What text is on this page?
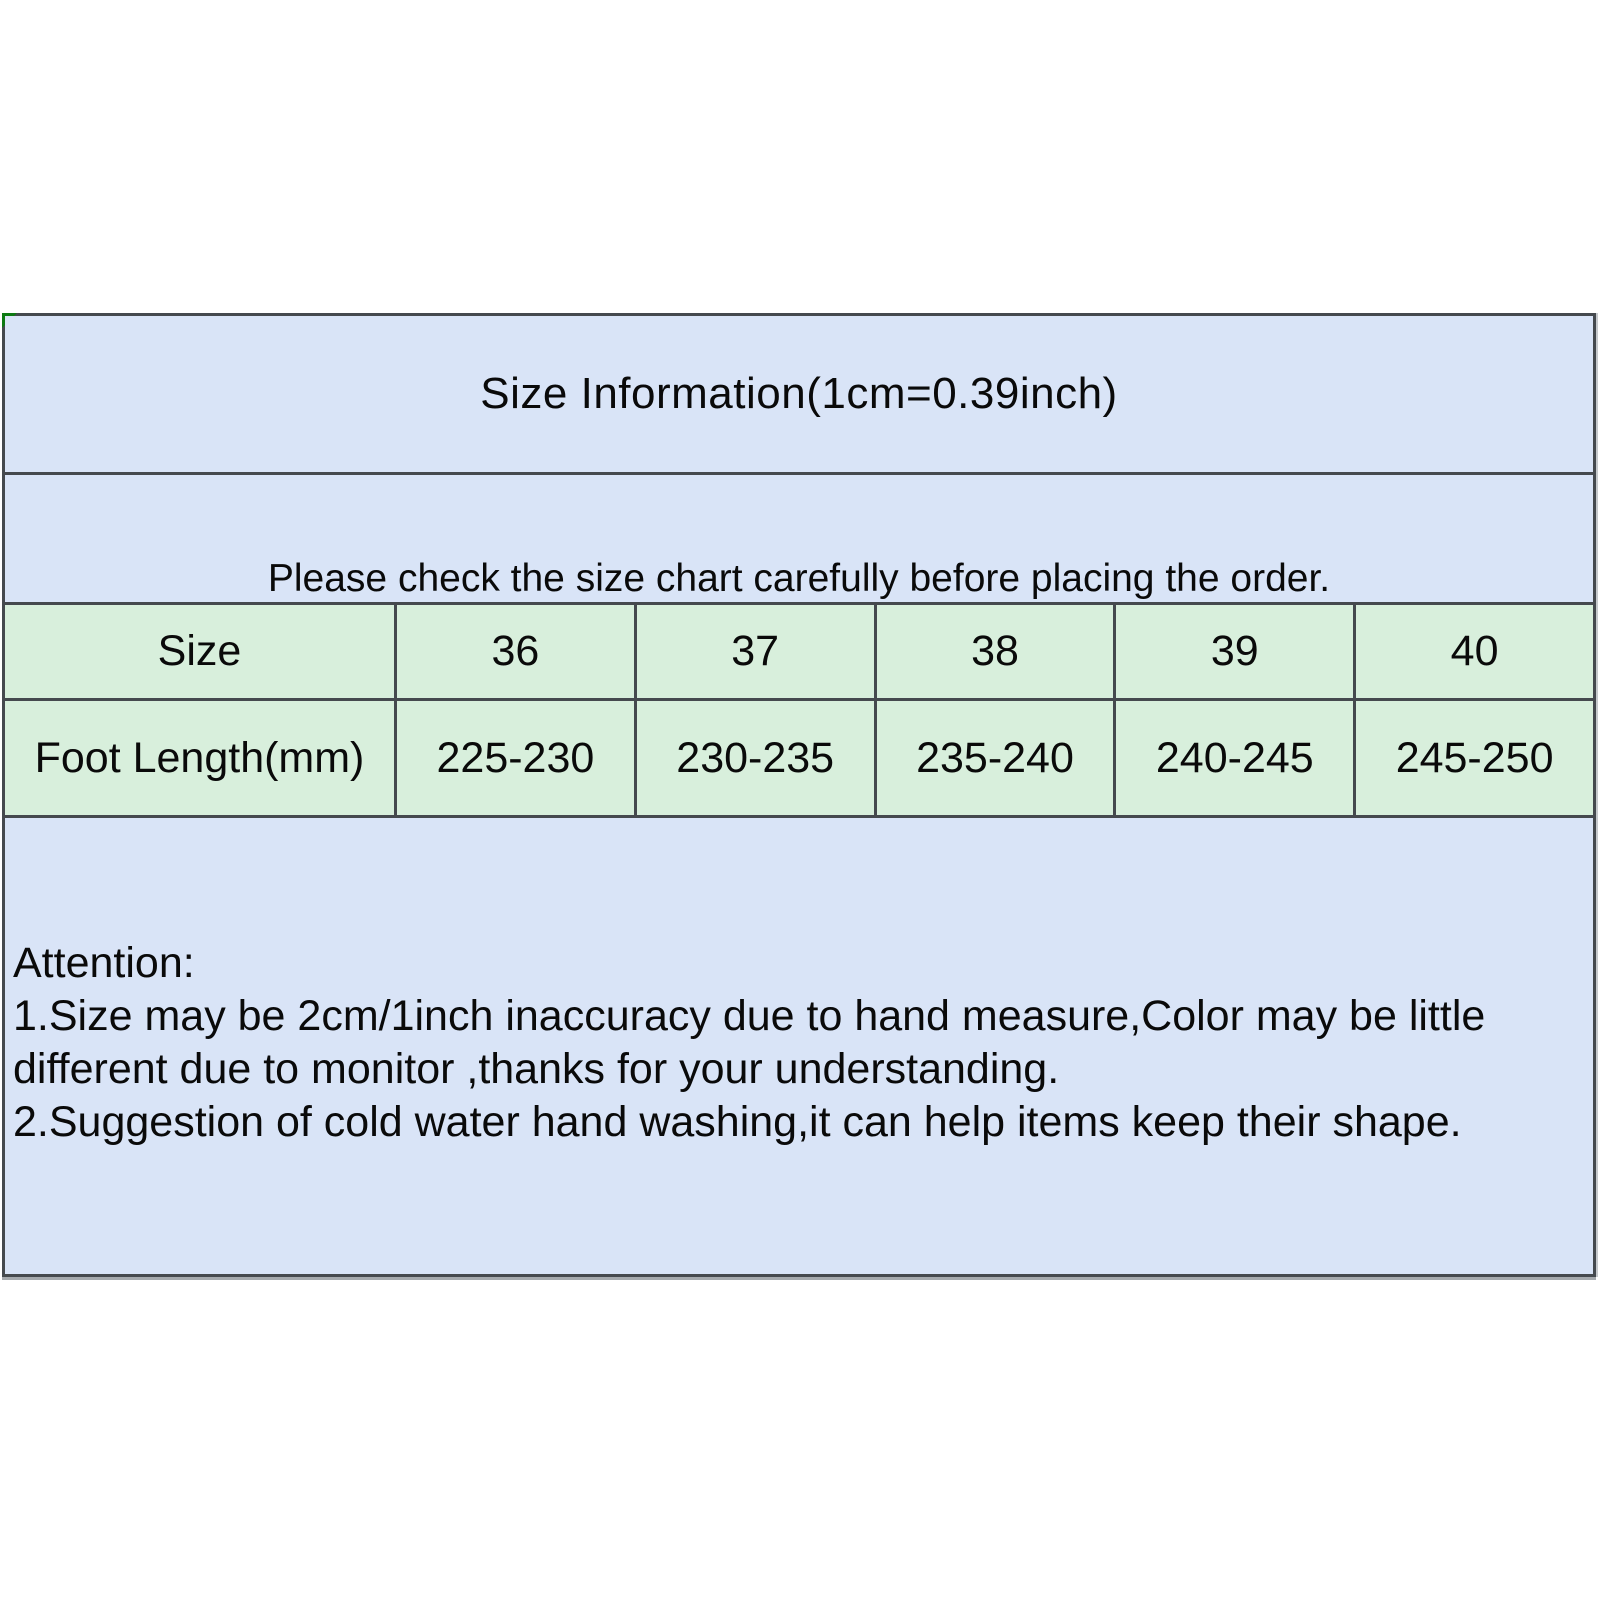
Size Information(1cm=0.39inch)
Please check the size chart carefully before placing the order.
Size	36	37	38	39	40
Foot Length(mm)	225-230	230-235	235-240	240-245	245-250
Attention:
1.Size may be 2cm/1inch inaccuracy due to hand measure,Color may be little different due to monitor ,thanks for your understanding.
2.Suggestion of cold water hand washing,it can help items keep their shape.
